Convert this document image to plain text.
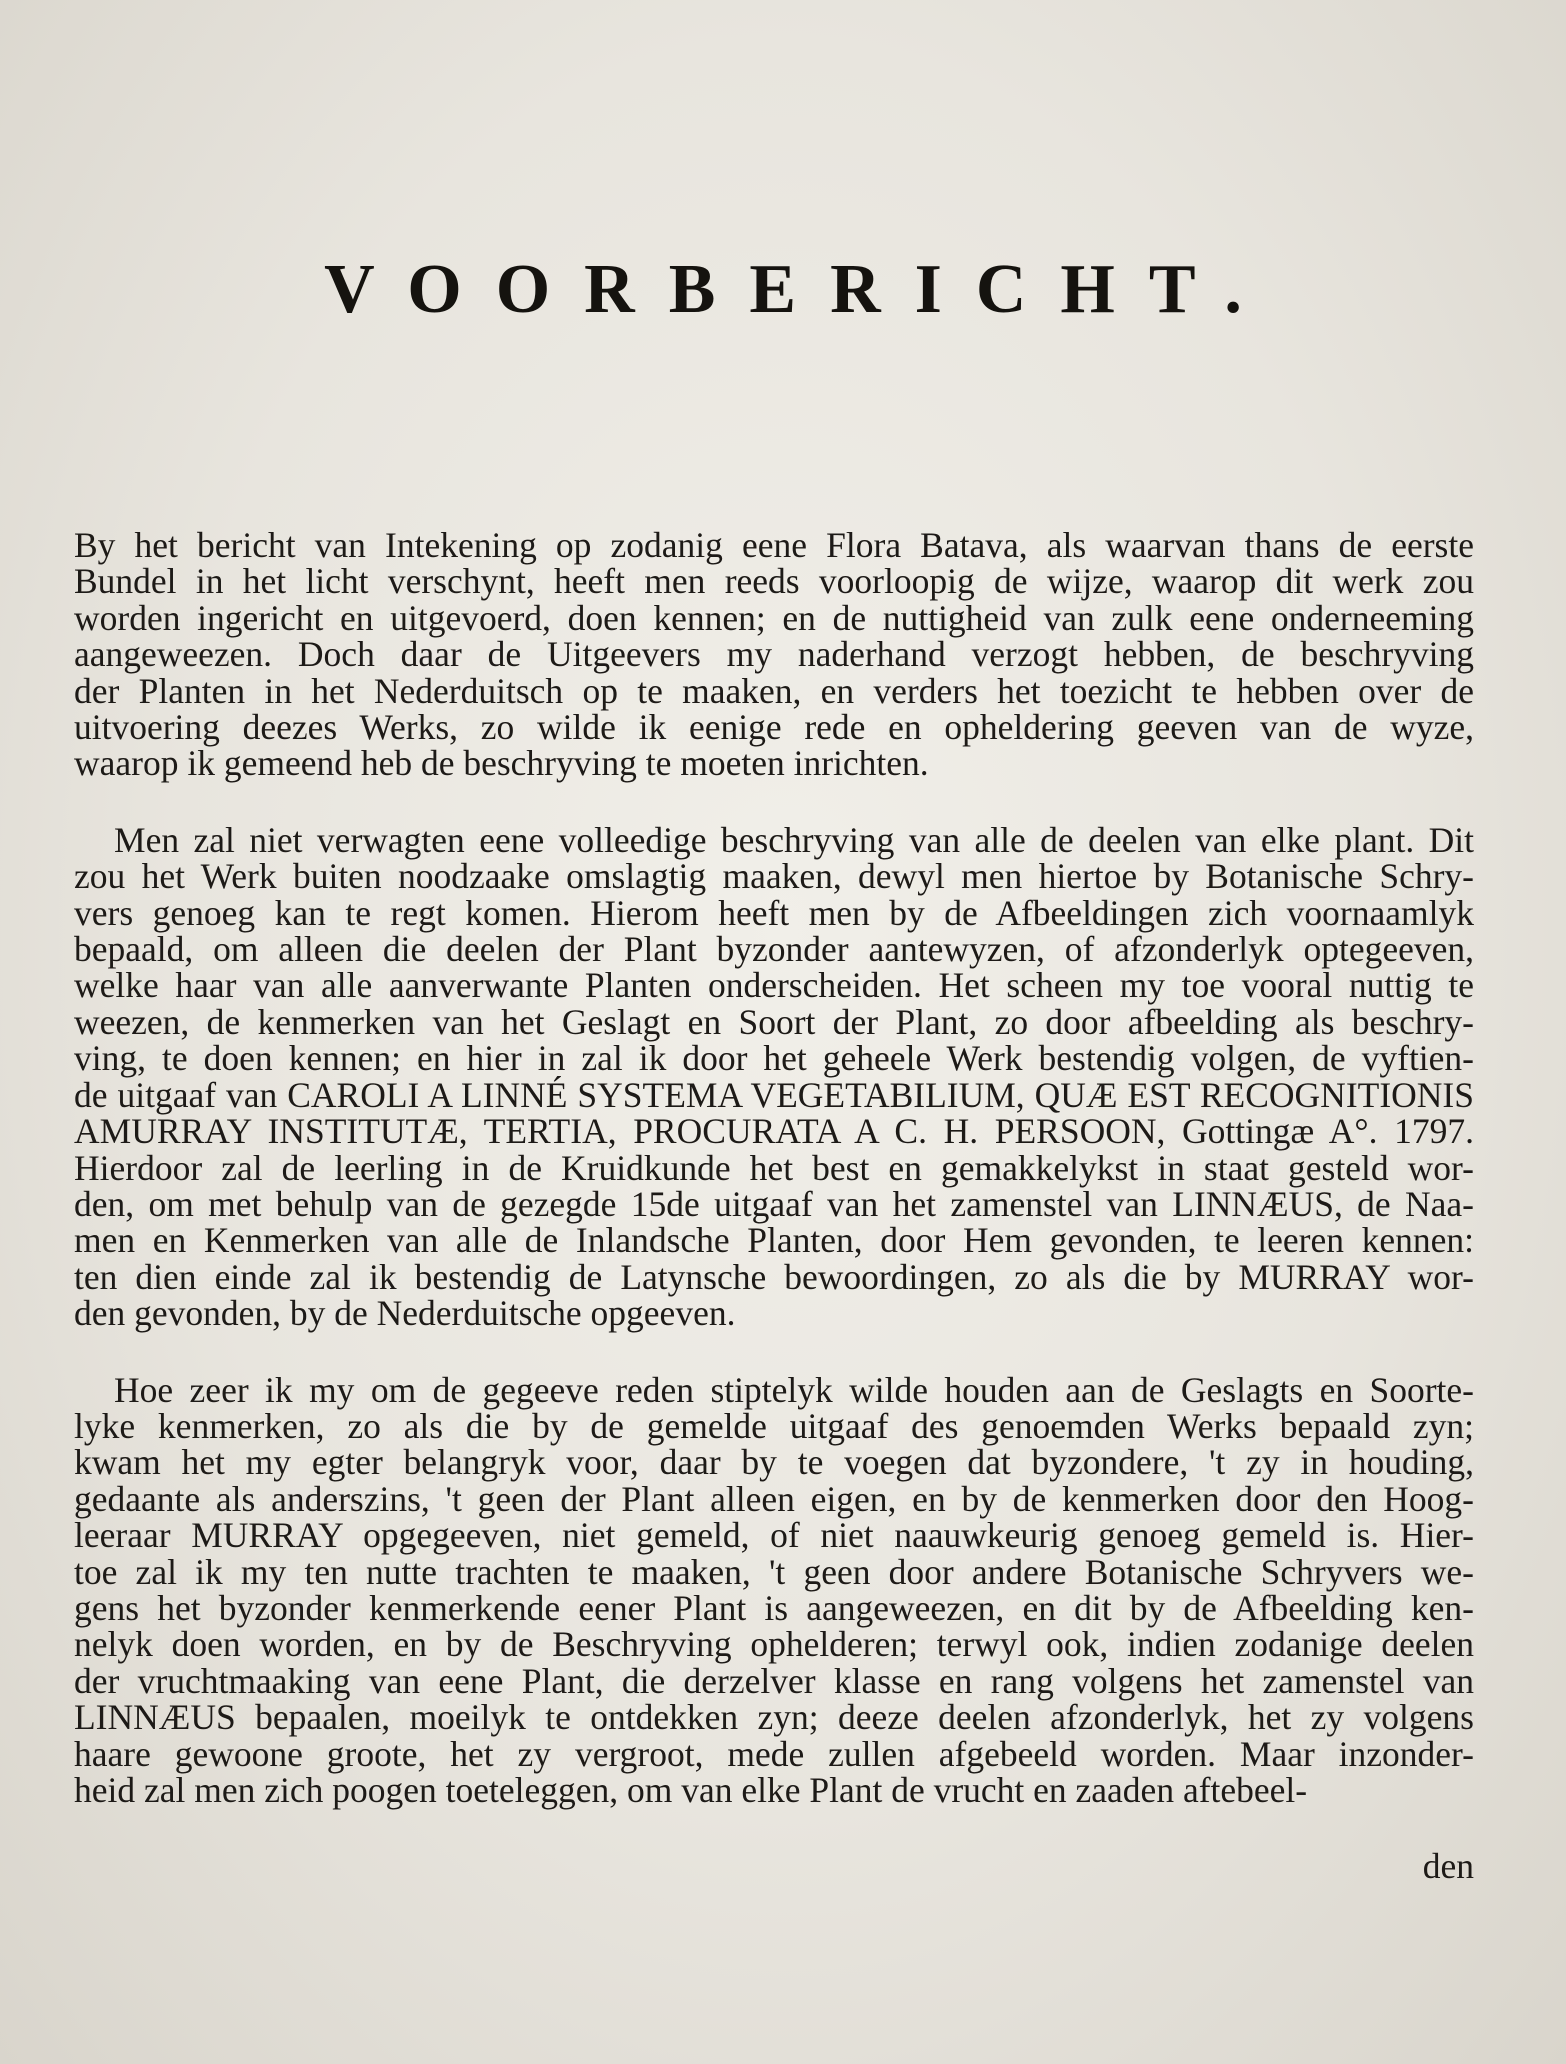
VOORBERICHT.
By het bericht van Intekening op zodanig eene Flora Batava, als waarvan thans de eerste
Bundel in het licht verschynt, heeft men reeds voorloopig de wijze, waarop dit werk zou
worden ingericht en uitgevoerd, doen kennen; en de nuttigheid van zulk eene onderneeming
aangeweezen. Doch daar de Uitgeevers my naderhand verzogt hebben, de beschryving
der Planten in het Nederduitsch op te maaken, en verders het toezicht te hebben over de
uitvoering deezes Werks, zo wilde ik eenige rede en opheldering geeven van de wyze,
waarop ik gemeend heb de beschryving te moeten inrichten.
Men zal niet verwagten eene volleedige beschryving van alle de deelen van elke plant. Dit
zou het Werk buiten noodzaake omslagtig maaken, dewyl men hiertoe by Botanische Schry-
vers genoeg kan te regt komen. Hierom heeft men by de Afbeeldingen zich voornaamlyk
bepaald, om alleen die deelen der Plant byzonder aantewyzen, of afzonderlyk optegeeven,
welke haar van alle aanverwante Planten onderscheiden. Het scheen my toe vooral nuttig te
weezen, de kenmerken van het Geslagt en Soort der Plant, zo door afbeelding als beschry-
ving, te doen kennen; en hier in zal ik door het geheele Werk bestendig volgen, de vyftien-
de uitgaaf van CAROLI A LINNÉ SYSTEMA VEGETABILIUM, QUÆ EST RECOGNITIONIS
AMURRAY INSTITUTÆ, TERTIA, PROCURATA A C. H. PERSOON, Gottingæ A°. 1797.
Hierdoor zal de leerling in de Kruidkunde het best en gemakkelykst in staat gesteld wor-
den, om met behulp van de gezegde 15de uitgaaf van het zamenstel van LINNÆUS, de Naa-
men en Kenmerken van alle de Inlandsche Planten, door Hem gevonden, te leeren kennen:
ten dien einde zal ik bestendig de Latynsche bewoordingen, zo als die by MURRAY wor-
den gevonden, by de Nederduitsche opgeeven.
Hoe zeer ik my om de gegeeve reden stiptelyk wilde houden aan de Geslagts en Soorte-
lyke kenmerken, zo als die by de gemelde uitgaaf des genoemden Werks bepaald zyn;
kwam het my egter belangryk voor, daar by te voegen dat byzondere, 't zy in houding,
gedaante als anderszins, 't geen der Plant alleen eigen, en by de kenmerken door den Hoog-
leeraar MURRAY opgegeeven, niet gemeld, of niet naauwkeurig genoeg gemeld is. Hier-
toe zal ik my ten nutte trachten te maaken, 't geen door andere Botanische Schryvers we-
gens het byzonder kenmerkende eener Plant is aangeweezen, en dit by de Afbeelding ken-
nelyk doen worden, en by de Beschryving ophelderen; terwyl ook, indien zodanige deelen
der vruchtmaaking van eene Plant, die derzelver klasse en rang volgens het zamenstel van
LINNÆUS bepaalen, moeilyk te ontdekken zyn; deeze deelen afzonderlyk, het zy volgens
haare gewoone groote, het zy vergroot, mede zullen afgebeeld worden. Maar inzonder-
heid zal men zich poogen toeteleggen, om van elke Plant de vrucht en zaaden aftebeel-
den
